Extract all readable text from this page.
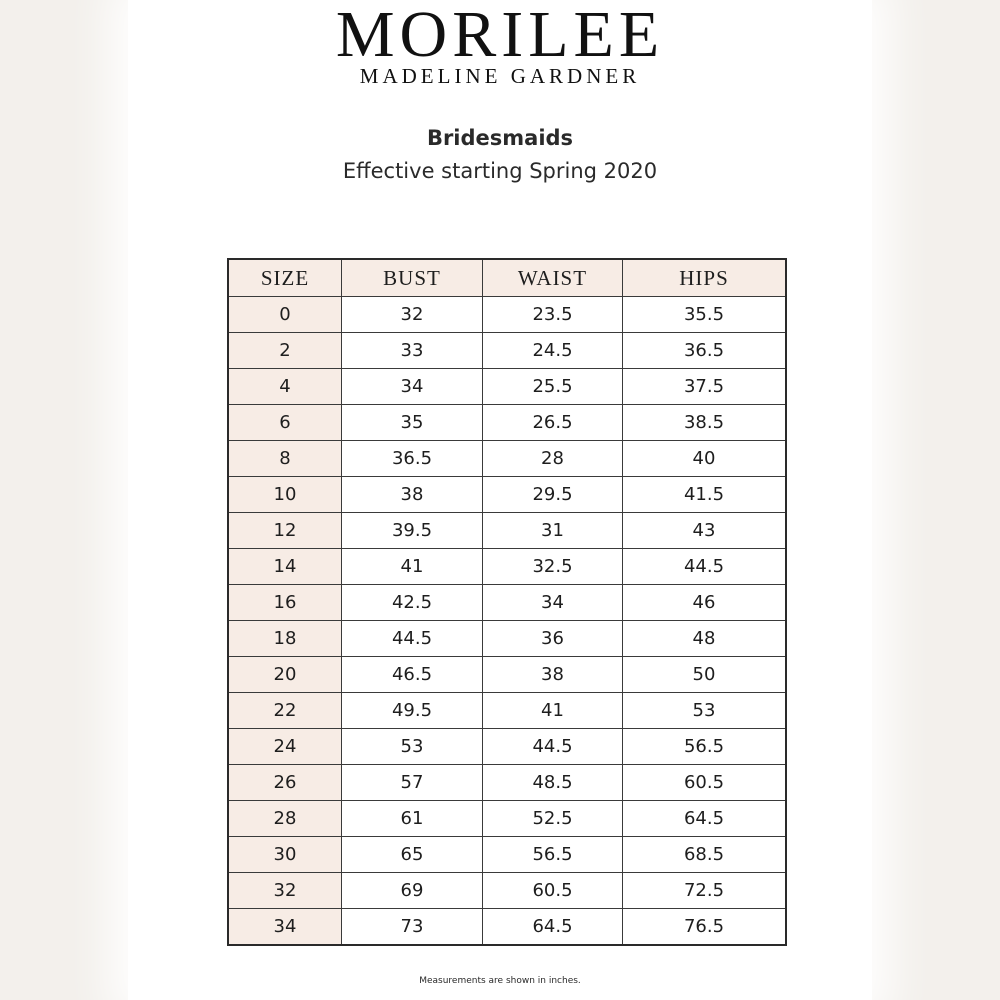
MORILEE
MADELINE GARDNER
Bridesmaids
Effective starting Spring 2020
SIZE	BUST	WAIST	HIPS
0	32	23.5	35.5
2	33	24.5	36.5
4	34	25.5	37.5
6	35	26.5	38.5
8	36.5	28	40
10	38	29.5	41.5
12	39.5	31	43
14	41	32.5	44.5
16	42.5	34	46
18	44.5	36	48
20	46.5	38	50
22	49.5	41	53
24	53	44.5	56.5
26	57	48.5	60.5
28	61	52.5	64.5
30	65	56.5	68.5
32	69	60.5	72.5
34	73	64.5	76.5
Measurements are shown in inches.
